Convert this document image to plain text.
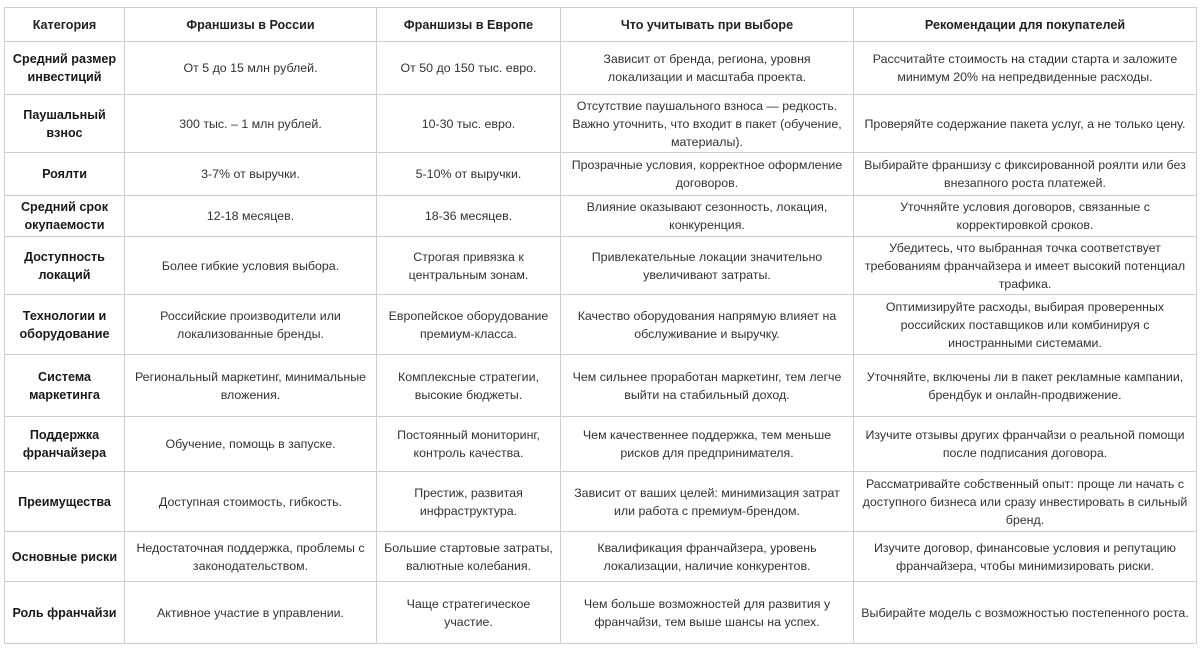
Категория	Франшизы в России	Франшизы в Европе	Что учитывать при выборе	Рекомендации для покупателей
Средний размер инвестиций	От 5 до 15 млн рублей.	От 50 до 150 тыс. евро.	Зависит от бренда, региона, уровня локализации и масштаба проекта.	Рассчитайте стоимость на стадии старта и заложите минимум 20% на непредвиденные расходы.
Паушальный взнос	300 тыс. – 1 млн рублей.	10-30 тыс. евро.	Отсутствие паушального взноса — редкость. Важно уточнить, что входит в пакет (обучение, материалы).	Проверяйте содержание пакета услуг, а не только цену.
Роялти	3-7% от выручки.	5-10% от выручки.	Прозрачные условия, корректное оформление договоров.	Выбирайте франшизу с фиксированной роялти или без внезапного роста платежей.
Средний срок окупаемости	12-18 месяцев.	18-36 месяцев.	Влияние оказывают сезонность, локация, конкуренция.	Уточняйте условия договоров, связанные с корректировкой сроков.
Доступность локаций	Более гибкие условия выбора.	Строгая привязка к центральным зонам.	Привлекательные локации значительно увеличивают затраты.	Убедитесь, что выбранная точка соответствует требованиям франчайзера и имеет высокий потенциал трафика.
Технологии и оборудование	Российские производители или локализованные бренды.	Европейское оборудование премиум-класса.	Качество оборудования напрямую влияет на обслуживание и выручку.	Оптимизируйте расходы, выбирая проверенных российских поставщиков или комбинируя с иностранными системами.
Система маркетинга	Региональный маркетинг, минимальные вложения.	Комплексные стратегии, высокие бюджеты.	Чем сильнее проработан маркетинг, тем легче выйти на стабильный доход.	Уточняйте, включены ли в пакет рекламные кампании, брендбук и онлайн-продвижение.
Поддержка франчайзера	Обучение, помощь в запуске.	Постоянный мониторинг, контроль качества.	Чем качественнее поддержка, тем меньше рисков для предпринимателя.	Изучите отзывы других франчайзи о реальной помощи после подписания договора.
Преимущества	Доступная стоимость, гибкость.	Престиж, развитая инфраструктура.	Зависит от ваших целей: минимизация затрат или работа с премиум-брендом.	Рассматривайте собственный опыт: проще ли начать с доступного бизнеса или сразу инвестировать в сильный бренд.
Основные риски	Недостаточная поддержка, проблемы с законодательством.	Большие стартовые затраты, валютные колебания.	Квалификация франчайзера, уровень локализации, наличие конкурентов.	Изучите договор, финансовые условия и репутацию франчайзера, чтобы минимизировать риски.
Роль франчайзи	Активное участие в управлении.	Чаще стратегическое участие.	Чем больше возможностей для развития у франчайзи, тем выше шансы на успех.	Выбирайте модель с возможностью постепенного роста.
